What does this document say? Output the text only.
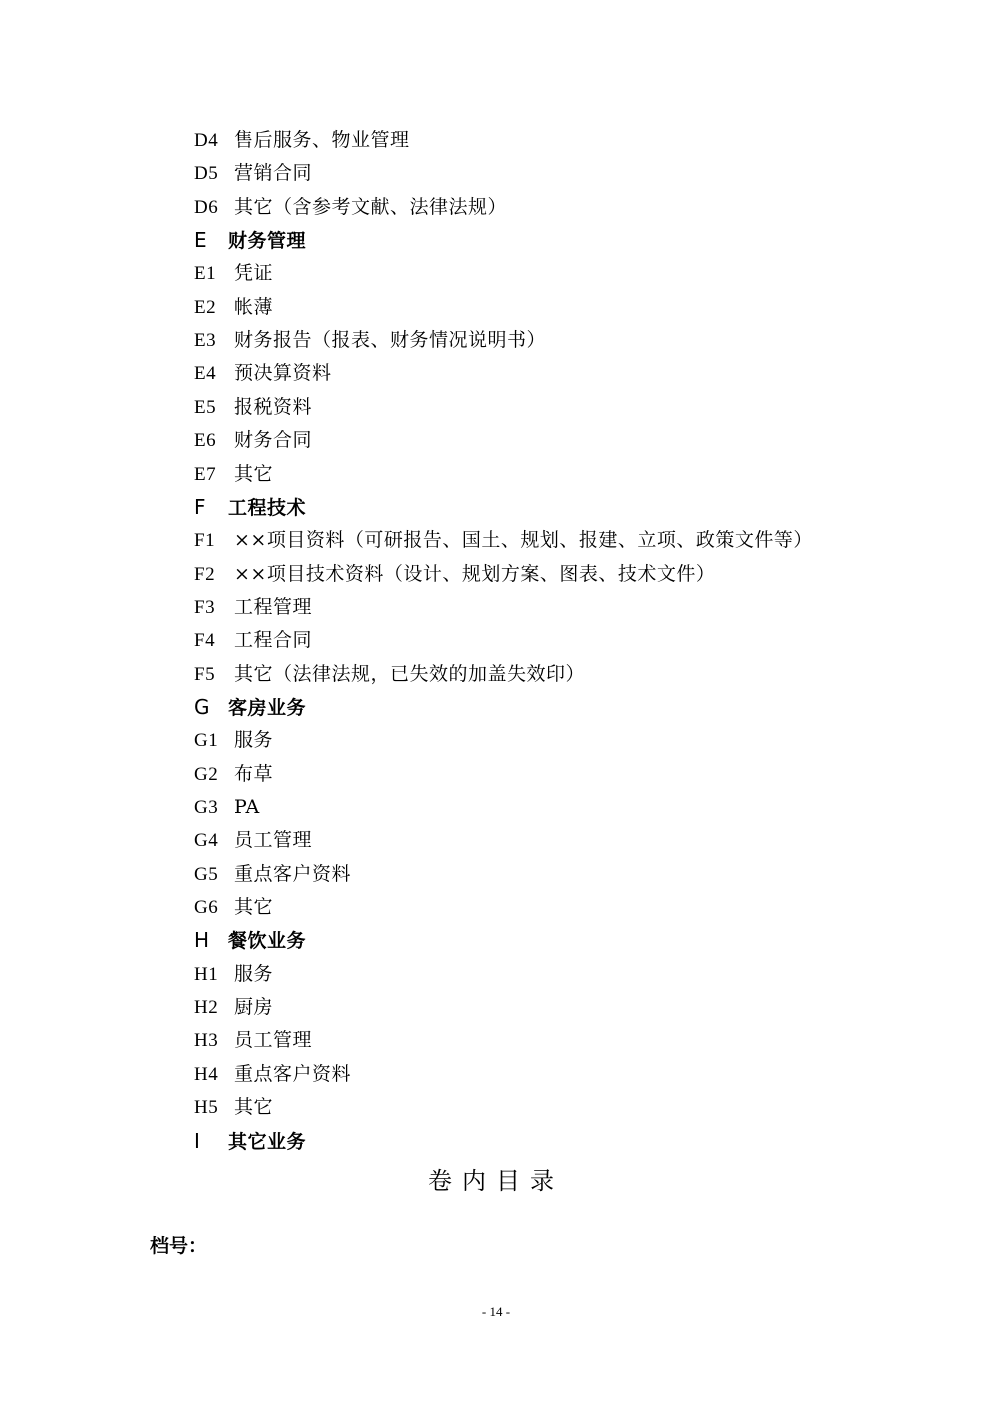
D4 售后服务、物业管理
D5 营销合同
D6 其它（含参考文献、法律法规）
E 财务管理
E1 凭证
E2 帐薄
E3 财务报告（报表、财务情况说明书）
E4 预决算资料
E5 报税资料
E6 财务合同
E7 其它
F 工程技术
F1 ××项目资料（可研报告、国土、规划、报建、立项、政策文件等）
F2 ××项目技术资料（设计、规划方案、图表、技术文件）
F3 工程管理
F4 工程合同
F5 其它（法律法规，已失效的加盖失效印）
G 客房业务
G1 服务
G2 布草
G3 PA
G4 员工管理
G5 重点客户资料
G6 其它
H 餐饮业务
H1 服务
H2 厨房
H3 员工管理
H4 重点客户资料
H5 其它
I 其它业务
卷内目录
档号：
- 14 -
